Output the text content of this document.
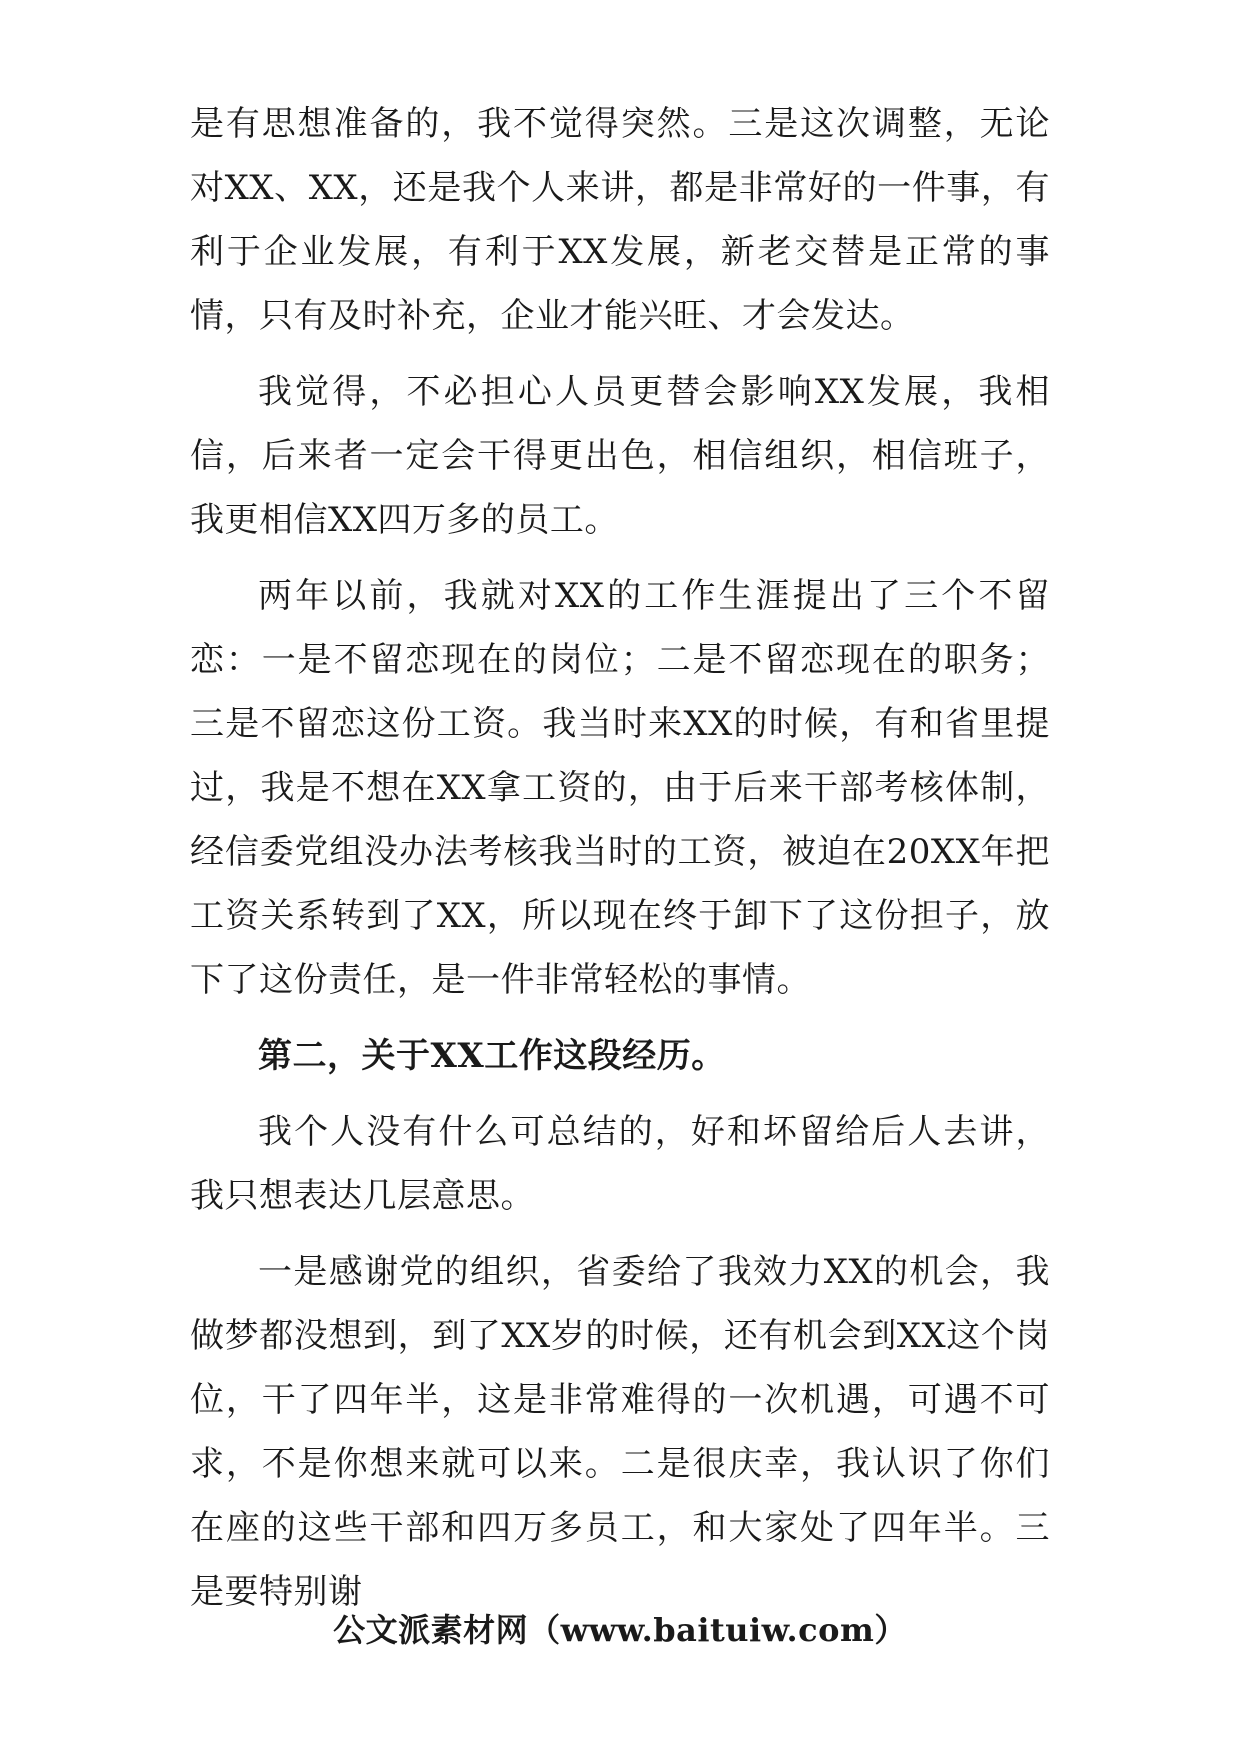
是有思想准备的，我不觉得突然。三是这次调整，无论对XX、XX，还是我个人来讲，都是非常好的一件事，有利于企业发展，有利于XX发展，新老交替是正常的事情，只有及时补充，企业才能兴旺、才会发达。

我觉得，不必担心人员更替会影响XX发展，我相信，后来者一定会干得更出色，相信组织，相信班子，我更相信XX四万多的员工。

两年以前，我就对XX的工作生涯提出了三个不留恋：一是不留恋现在的岗位；二是不留恋现在的职务；三是不留恋这份工资。我当时来XX的时候，有和省里提过，我是不想在XX拿工资的，由于后来干部考核体制，经信委党组没办法考核我当时的工资，被迫在20XX年把工资关系转到了XX，所以现在终于卸下了这份担子，放下了这份责任，是一件非常轻松的事情。

第二，关于XX工作这段经历。

我个人没有什么可总结的，好和坏留给后人去讲，我只想表达几层意思。

一是感谢党的组织，省委给了我效力XX的机会，我做梦都没想到，到了XX岁的时候，还有机会到XX这个岗位，干了四年半，这是非常难得的一次机遇，可遇不可求，不是你想来就可以来。二是很庆幸，我认识了你们在座的这些干部和四万多员工，和大家处了四年半。三是要特别谢

公文派素材网（www.baituiw.com）
